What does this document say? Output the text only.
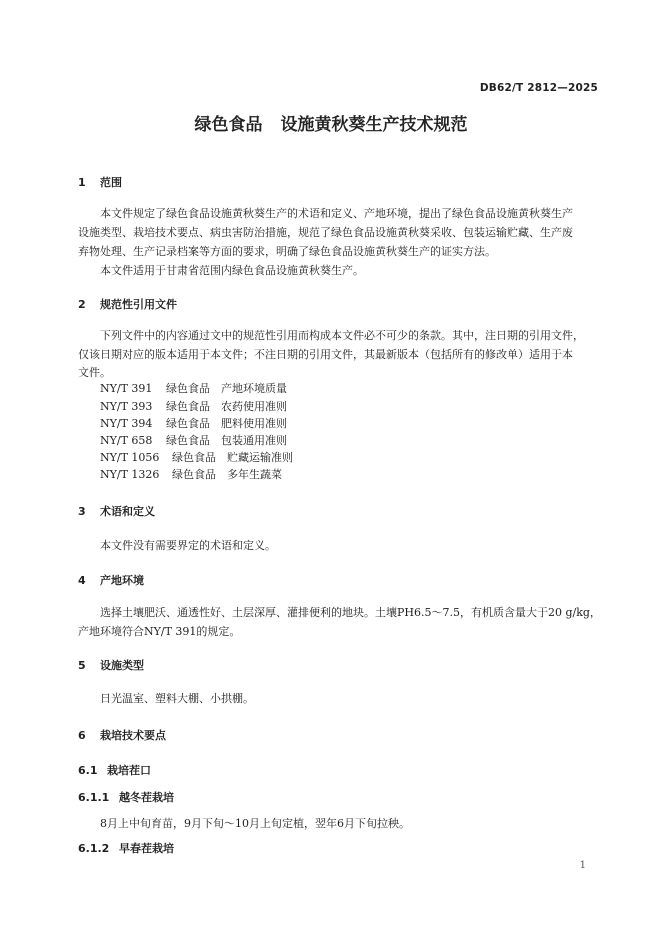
DB62/T 2812—2025
绿色食品 设施黄秋葵生产技术规范
1 范围
本文件规定了绿色食品设施黄秋葵生产的术语和定义、产地环境，提出了绿色食品设施黄秋葵生产
设施类型、栽培技术要点、病虫害防治措施，规范了绿色食品设施黄秋葵采收、包装运输贮藏、生产废
弃物处理、生产记录档案等方面的要求，明确了绿色食品设施黄秋葵生产的证实方法。
本文件适用于甘肃省范围内绿色食品设施黄秋葵生产。
2 规范性引用文件
下列文件中的内容通过文中的规范性引用而构成本文件必不可少的条款。其中，注日期的引用文件，
仅该日期对应的版本适用于本文件；不注日期的引用文件，其最新版本（包括所有的修改单）适用于本
文件。
NY/T 391 绿色食品　产地环境质量
NY/T 393 绿色食品　农药使用准则
NY/T 394 绿色食品　肥料使用准则
NY/T 658 绿色食品　包装通用准则
NY/T 1056 绿色食品　贮藏运输准则
NY/T 1326 绿色食品　多年生蔬菜
3 术语和定义
本文件没有需要界定的术语和定义。
4 产地环境
选择土壤肥沃、通透性好、土层深厚、灌排便利的地块。土壤PH6.5～7.5，有机质含量大于20 g/kg，
产地环境符合NY/T 391的规定。
5 设施类型
日光温室、塑料大棚、小拱棚。
6 栽培技术要点
6.1 栽培茬口
6.1.1 越冬茬栽培
8月上中旬育苗，9月下旬～10月上旬定植，翌年6月下旬拉秧。
6.1.2 早春茬栽培
1
